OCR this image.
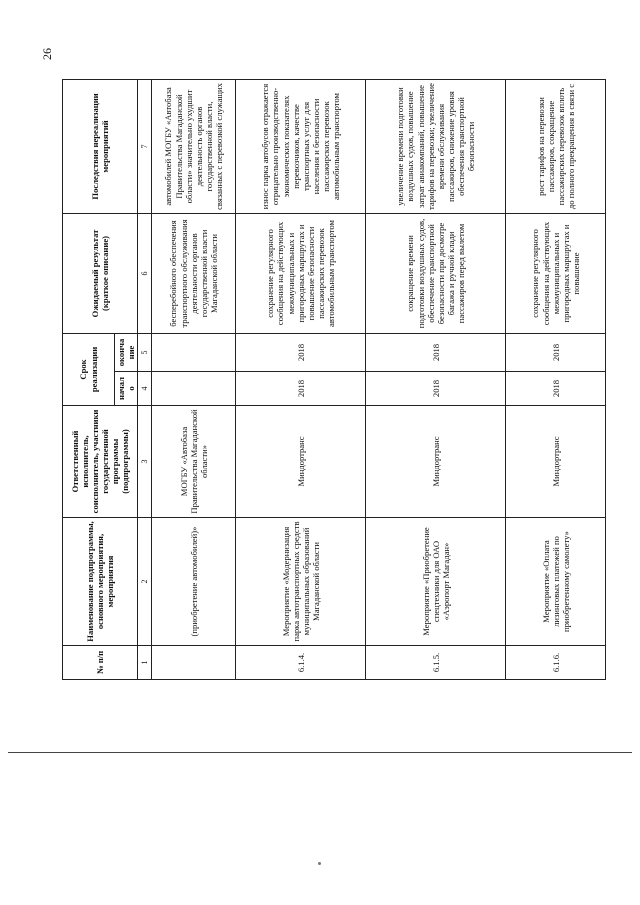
26
№ п/п	Наименование подпрограммы, основного мероприятия, мероприятия	Ответственный исполнитель, соисполнитель, участники государственной программы (подпрограммы)	Срок реализации		Ожидаемый результат (краткое описание)	Последствия нереализации мероприятий
			начало	окончание		
1	2	3	4	5	6	7
	(приобретение автомобилей)»	МОГБУ «Автобаза Правительства Магаданской области»			бесперебойного обеспечения транспортного обслуживания деятельности органов государственной власти Магаданской области	автомобилей МОГБУ «Автобаза Правительства Магаданской области» значительно ухудшит деятельность органов государственной власти, связанных с перевозкой служащих
6.1.4.	Мероприятие «Модернизация парка автотранспортных средств муниципальных образований Магаданской области	Миндортранс	2018	2018	сохранение регулярного сообщения на действующих межмуниципальных и пригородных маршрутах и повышение безопасности пассажирских перевозок автомобильным транспортом	износ парка автобусов отражается отрицательно производственно-экономических показателях перевозчиков, качестве транспортных услуг для населения и безопасности пассажирских перевозок автомобильным транспортом
6.1.5.	Мероприятие «Приобретение спецтехники для ОАО «Аэропорт Магадан»	Миндортранс	2018	2018	сокращение времени подготовки воздушных судов, обеспечение транспортной безопасности при досмотре багажа и ручной клади пассажиров перед вылетом	увеличение времени подготовки воздушных судов, повышение затрат авиакомпаний, повышение тарифов на перевозки; увеличение времени обслуживания пассажиров, снижение уровня обеспечения транспортной безопасности
6.1.6.	Мероприятие «Оплата лизинговых платежей по приобретенному самолету»	Миндортранс	2018	2018	сохранение регулярного сообщения на действующих межмуниципальных и пригородных маршрутах и повышение	рост тарифов на перевозки пассажиров, сокращение пассажирских перевозок вплоть до полного прекращения в связи с
